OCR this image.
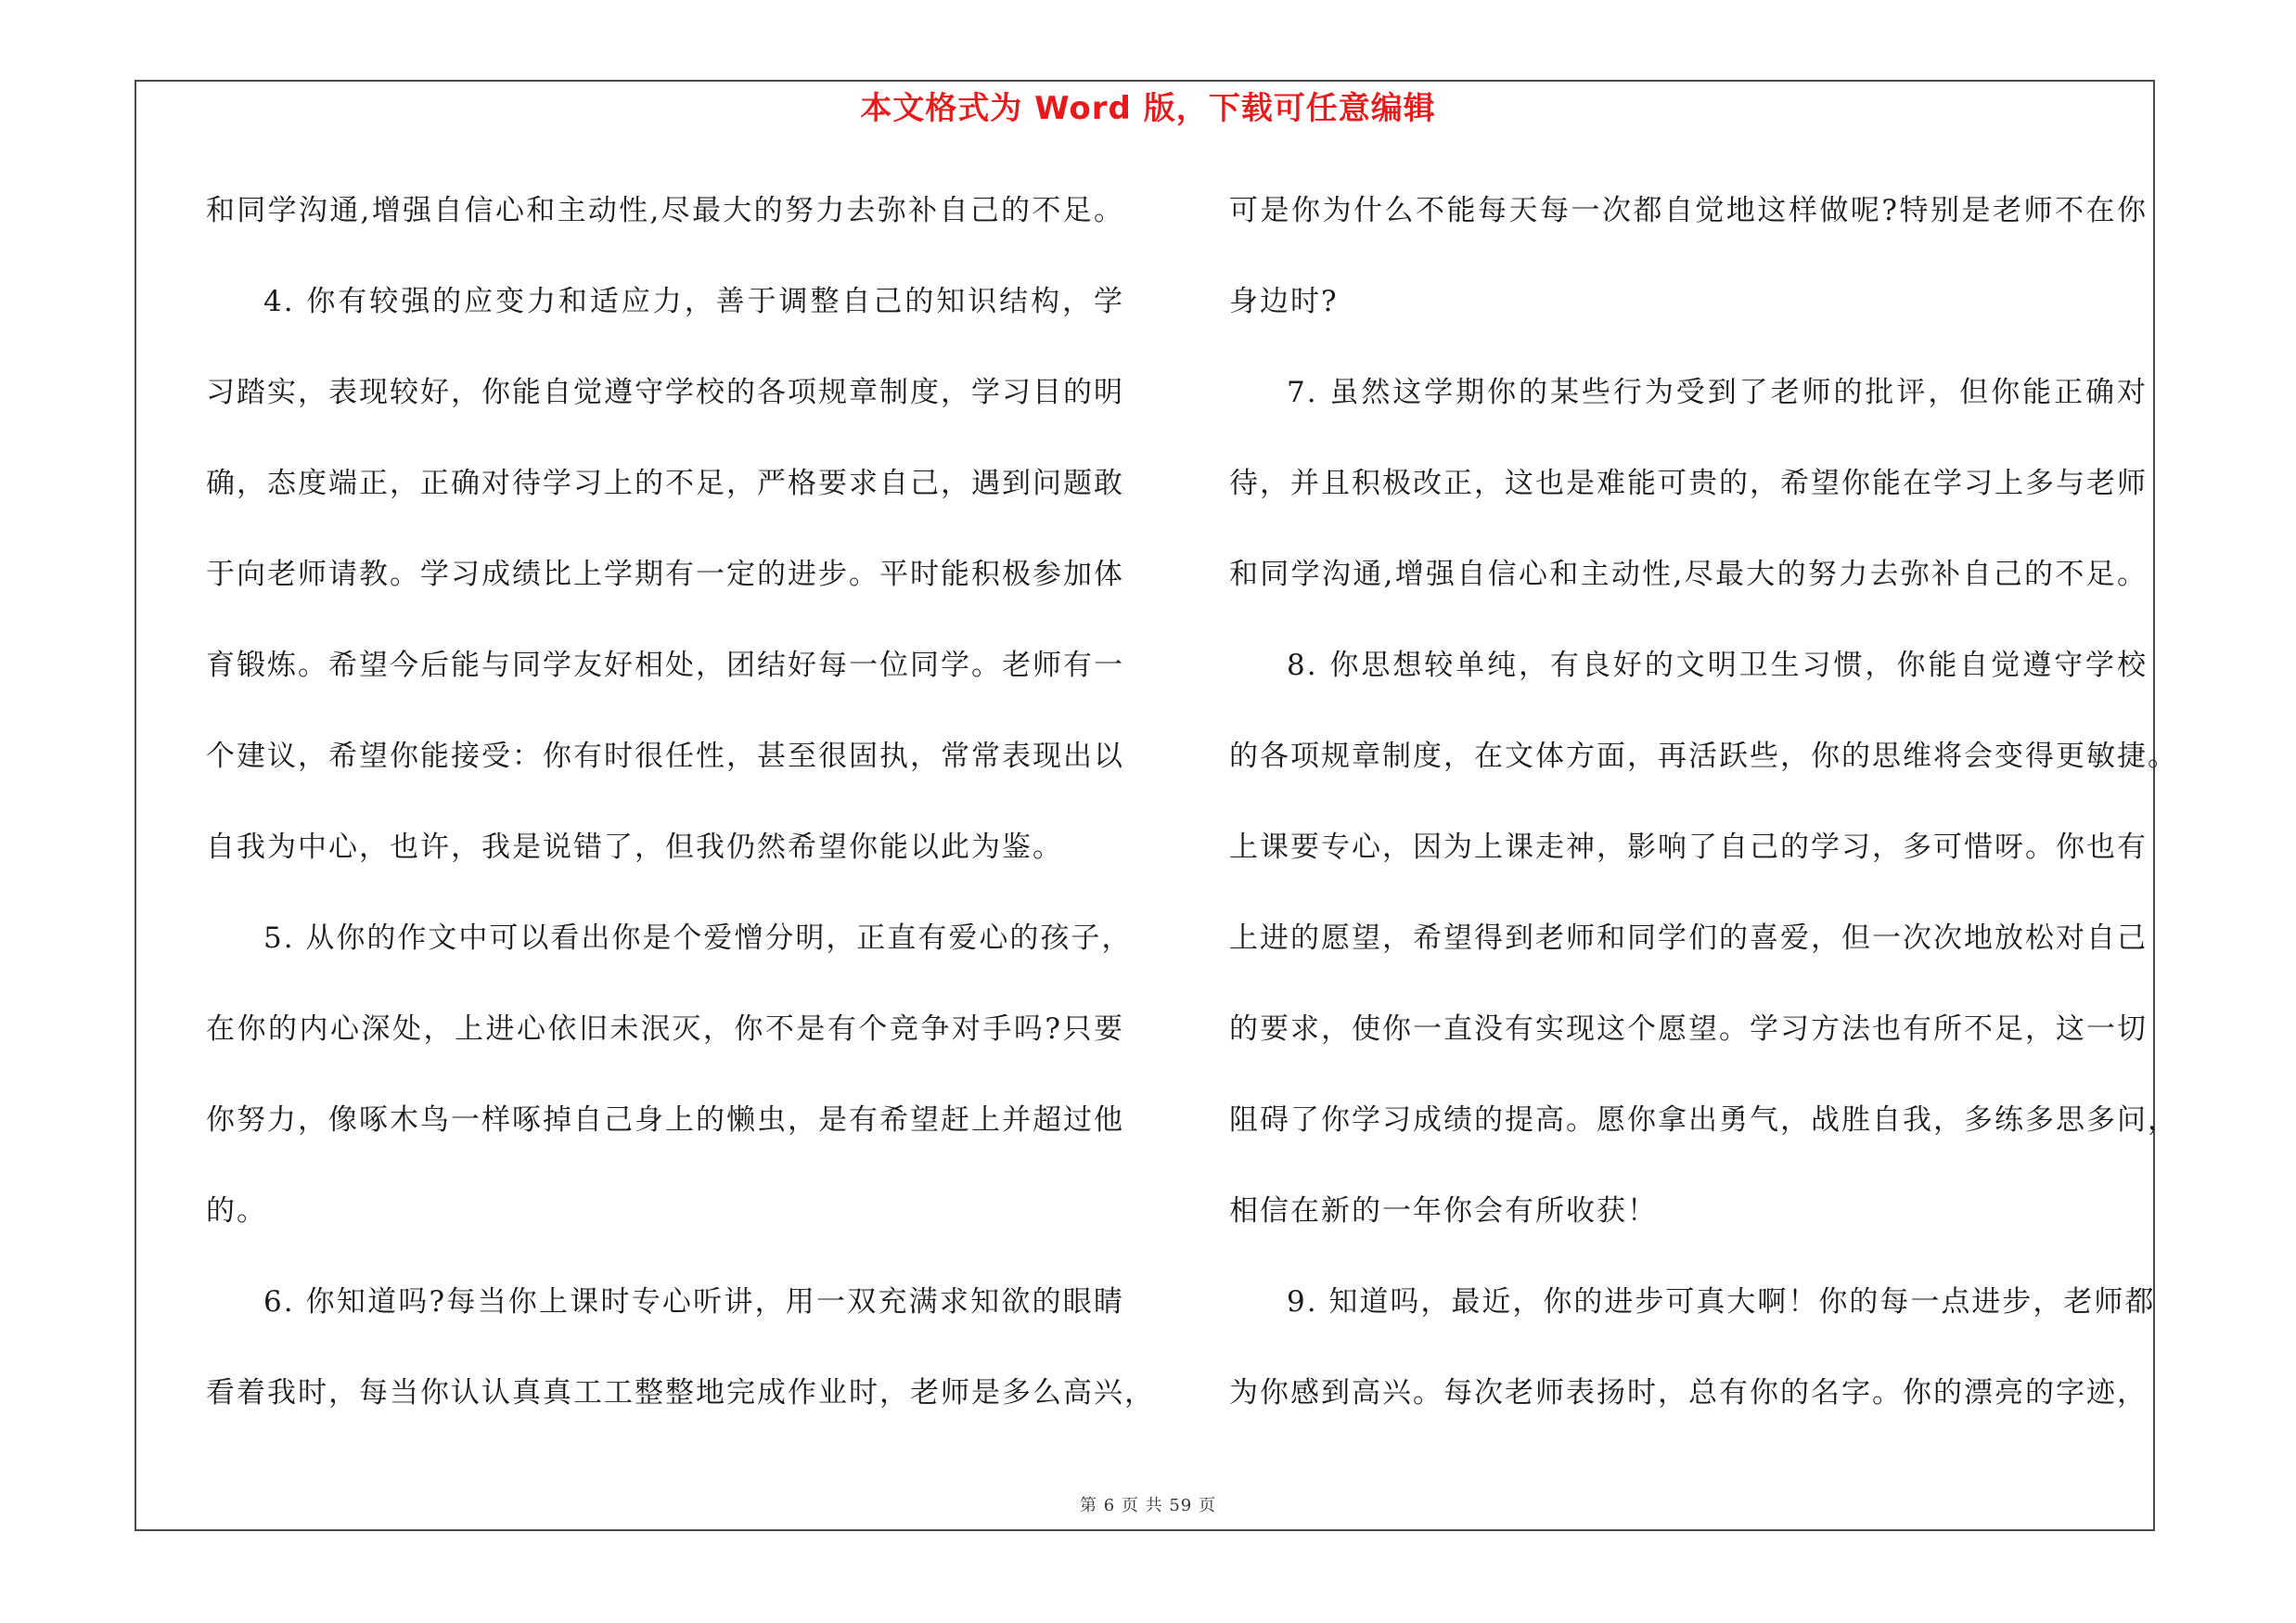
本文格式为 Word 版，下载可任意编辑
和同学沟通,增强自信心和主动性,尽最大的努力去弥补自己的不足。
4. 你有较强的应变力和适应力，善于调整自己的知识结构，学
习踏实，表现较好，你能自觉遵守学校的各项规章制度，学习目的明
确，态度端正，正确对待学习上的不足，严格要求自己，遇到问题敢
于向老师请教。学习成绩比上学期有一定的进步。平时能积极参加体
育锻炼。希望今后能与同学友好相处，团结好每一位同学。老师有一
个建议，希望你能接受：你有时很任性，甚至很固执，常常表现出以
自我为中心，也许，我是说错了，但我仍然希望你能以此为鉴。
5. 从你的作文中可以看出你是个爱憎分明，正直有爱心的孩子，
在你的内心深处，上进心依旧未泯灭，你不是有个竞争对手吗?只要
你努力，像啄木鸟一样啄掉自己身上的懒虫，是有希望赶上并超过他
的。
6. 你知道吗?每当你上课时专心听讲，用一双充满求知欲的眼睛
看着我时，每当你认认真真工工整整地完成作业时，老师是多么高兴，
可是你为什么不能每天每一次都自觉地这样做呢?特别是老师不在你
身边时?
7. 虽然这学期你的某些行为受到了老师的批评，但你能正确对
待，并且积极改正，这也是难能可贵的，希望你能在学习上多与老师
和同学沟通,增强自信心和主动性,尽最大的努力去弥补自己的不足。
8. 你思想较单纯，有良好的文明卫生习惯，你能自觉遵守学校
的各项规章制度，在文体方面，再活跃些，你的思维将会变得更敏捷。
上课要专心，因为上课走神，影响了自己的学习，多可惜呀。你也有
上进的愿望，希望得到老师和同学们的喜爱，但一次次地放松对自己
的要求，使你一直没有实现这个愿望。学习方法也有所不足，这一切
阻碍了你学习成绩的提高。愿你拿出勇气，战胜自我，多练多思多问，
相信在新的一年你会有所收获！
9. 知道吗，最近，你的进步可真大啊！你的每一点进步，老师都
为你感到高兴。每次老师表扬时，总有你的名字。你的漂亮的字迹，
第 6 页 共 59 页
